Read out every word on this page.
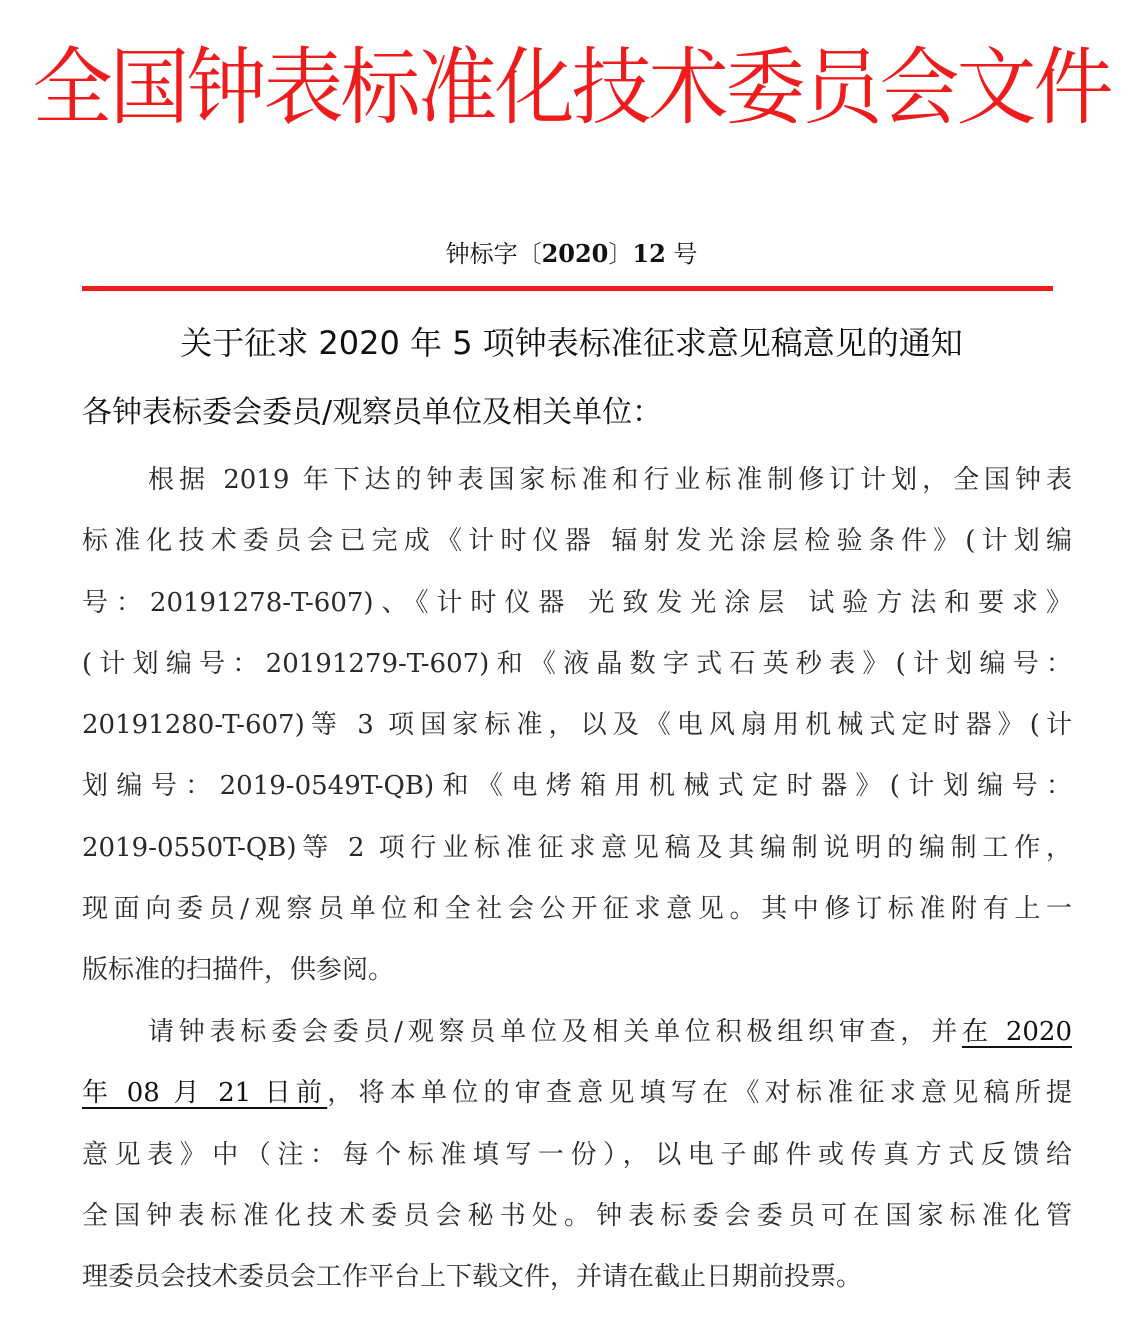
全国钟表标准化技术委员会文件
钟标字〔2020〕12 号
关于征求 2020 年 5 项钟表标准征求意见稿意见的通知
各钟表标委会委员/观察员单位及相关单位：
根据 2019 年下达的钟表国家标准和行业标准制修订计划，全国钟表
标准化技术委员会已完成《计时仪器 辐射发光涂层检验条件》(计划编
号：20191278-T-607)、《计时仪器 光致发光涂层 试验方法和要求》
(计划编号：20191279-T-607)和《液晶数字式石英秒表》(计划编号：
20191280-T-607)等 3 项国家标准，以及《电风扇用机械式定时器》(计
划编号：2019-0549T-QB)和《电烤箱用机械式定时器》(计划编号：
2019-0550T-QB)等 2 项行业标准征求意见稿及其编制说明的编制工作，
现面向委员/观察员单位和全社会公开征求意见。其中修订标准附有上一
版标准的扫描件，供参阅。
请钟表标委会委员/观察员单位及相关单位积极组织审查，并在 2020
年 08 月 21 日前，将本单位的审查意见填写在《对标准征求意见稿所提
意见表》中（注：每个标准填写一份），以电子邮件或传真方式反馈给
全国钟表标准化技术委员会秘书处。钟表标委会委员可在国家标准化管
理委员会技术委员会工作平台上下载文件，并请在截止日期前投票。
